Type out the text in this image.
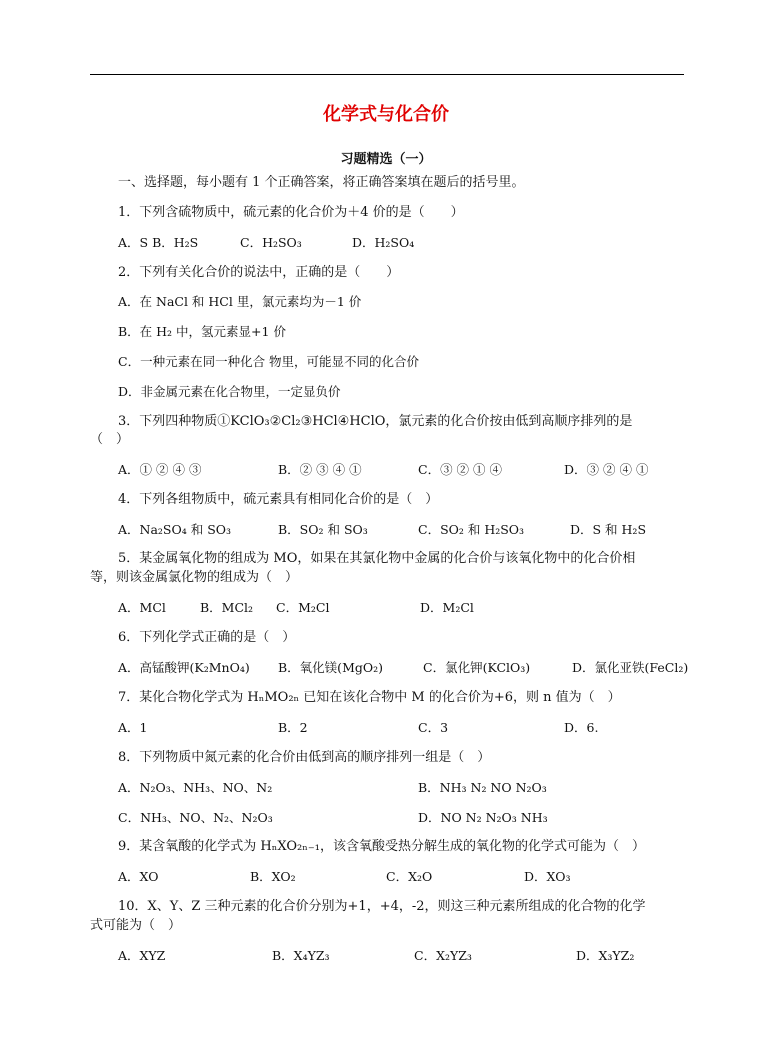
化学式与化合价
习题精选（一）
一、选择题，每小题有 1 个正确答案，将正确答案填在题后的括号里。
1．下列含硫物质中，硫元素的化合价为＋4 价的是（　　）
A．S B．H₂S	C．H₂SO₃	D．H₂SO₄
2．下列有关化合价的说法中，正确的是（　　）
A．在 NaCl 和 HCl 里，氯元素均为－1 价
B．在 H₂ 中，氢元素显+1 价
C．一种元素在同一种化合 物里，可能显不同的化合价
D．非金属元素在化合物里，一定显负价
3．下列四种物质①KClO₃②Cl₂③HCl④HClO，氯元素的化合价按由低到高顺序排列的是
（　）
A．① ② ④ ③	B．② ③ ④ ①	C．③ ② ① ④	D．③ ② ④ ①
4．下列各组物质中，硫元素具有相同化合价的是（　）
A．Na₂SO₄ 和 SO₃	B．SO₂ 和 SO₃	C．SO₂ 和 H₂SO₃	D．S 和 H₂S
5．某金属氧化物的组成为 MO，如果在其氯化物中金属的化合价与该氧化物中的化合价相
等，则该金属氯化物的组成为（　）
A．MCl	B．MCl₂ C．M₂Cl	D．M₂Cl
6．下列化学式正确的是（　）
A．高锰酸钾(K₂MnO₄) B．氧化镁(MgO₂)	C．氯化钾(KClO₃)	D．氯化亚铁(FeCl₂)
7．某化合物化学式为 HₙMO₂ₙ 已知在该化合物中 M 的化合价为+6，则 n 值为（　）
A．1	B．2	C．3	D．6.
8．下列物质中氮元素的化合价由低到高的顺序排列一组是（　）
A．N₂O₃、NH₃、NO、N₂	B．NH₃ N₂ NO N₂O₃
C．NH₃、NO、N₂、N₂O₃	D．NO N₂ N₂O₃ NH₃
9．某含氧酸的化学式为 HₙXO₂ₙ₋₁，该含氧酸受热分解生成的氧化物的化学式可能为（　）
A．XO	B．XO₂	C．X₂O	D．XO₃
10．X、Y、Z 三种元素的化合价分别为+1，+4，-2，则这三种元素所组成的化合物的化学
式可能为（　）
A．XYZ	B．X₄YZ₃	C．X₂YZ₃	D．X₃YZ₂
